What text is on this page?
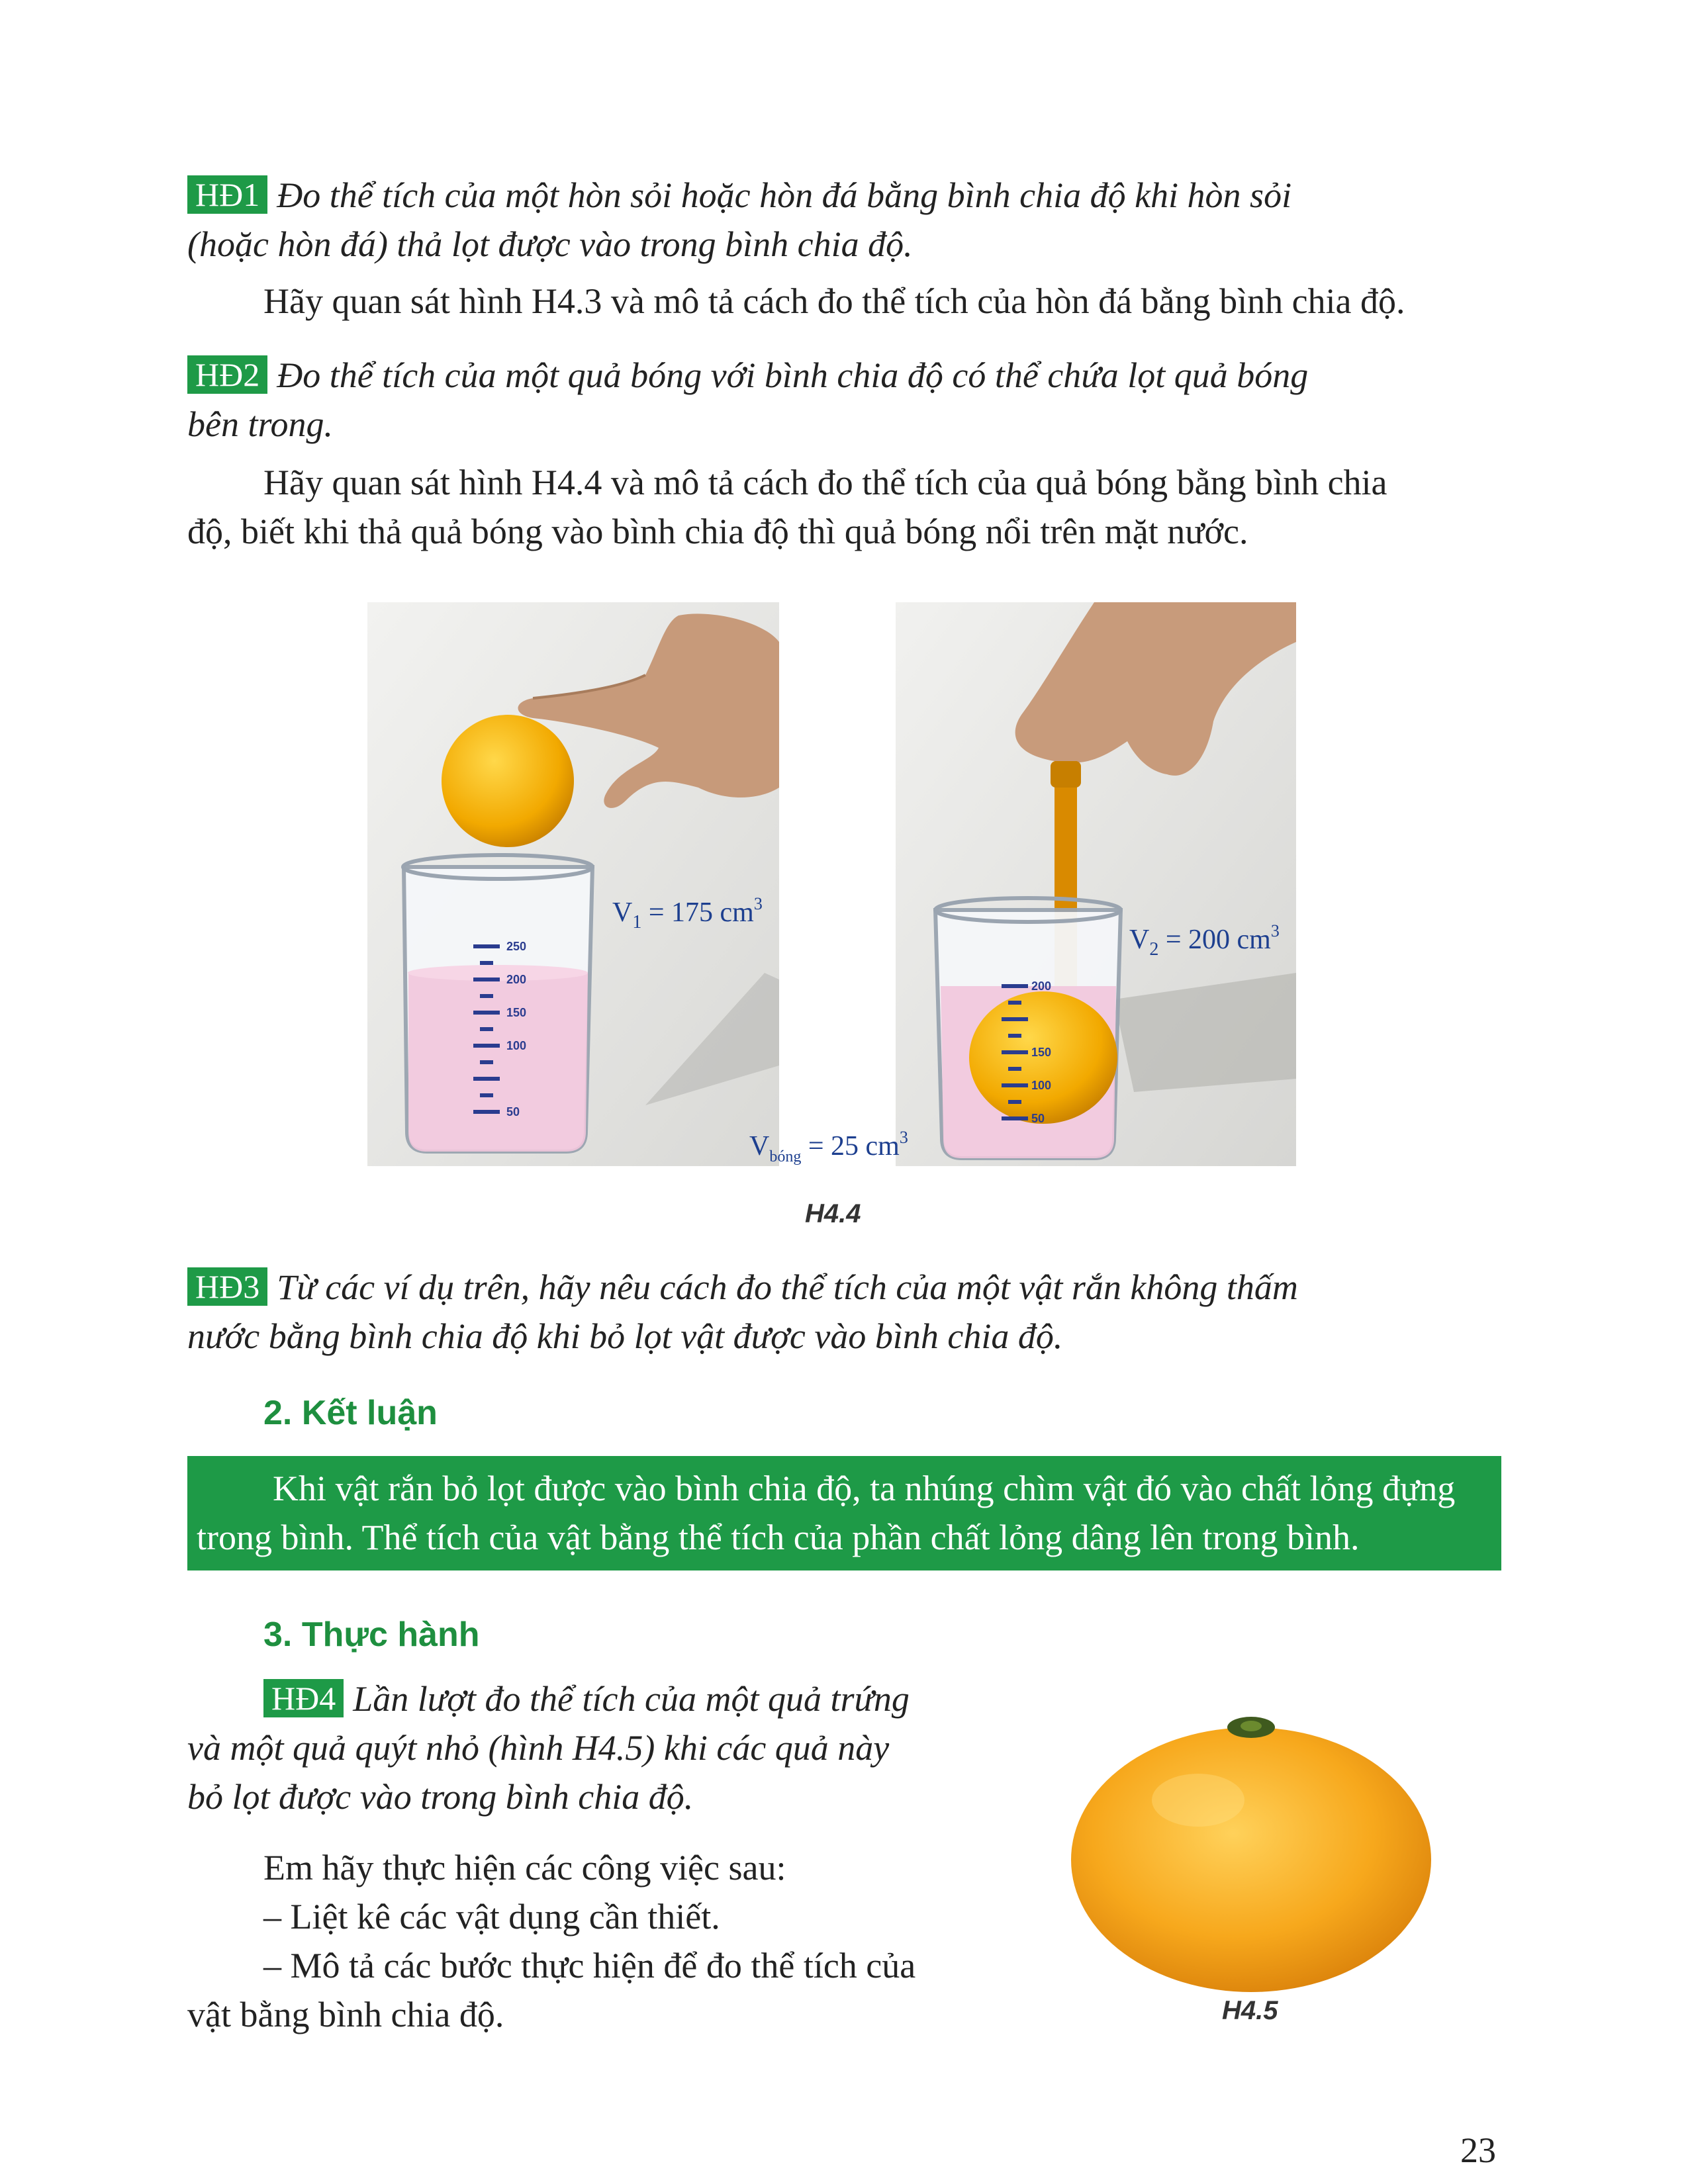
HĐ1 Đo thể tích của một hòn sỏi hoặc hòn đá bằng bình chia độ khi hòn sỏi
(hoặc hòn đá) thả lọt được vào trong bình chia độ.
Hãy quan sát hình H4.3 và mô tả cách đo thể tích của hòn đá bằng bình chia độ.
HĐ2 Đo thể tích của một quả bóng với bình chia độ có thể chứa lọt quả bóng
bên trong.
Hãy quan sát hình H4.4 và mô tả cách đo thể tích của quả bóng bằng bình chia
độ, biết khi thả quả bóng vào bình chia độ thì quả bóng nổi trên mặt nước.
250
200
150
100
50
200
150
100
50
$V_1 = 175$ $cm^3$
$V_2 = 200$ $cm^3$
$V_{bóng} = 25$ $cm^3$
H4.4
HĐ3 Từ các ví dụ trên, hãy nêu cách đo thể tích của một vật rắn không thấm
nước bằng bình chia độ khi bỏ lọt vật được vào bình chia độ.
2. Kết luận
Khi vật rắn bỏ lọt được vào bình chia độ, ta nhúng chìm vật đó vào chất lỏng đựng
trong bình. Thể tích của vật bằng thể tích của phần chất lỏng dâng lên trong bình.
3. Thực hành
HĐ4 Lần lượt đo thể tích của một quả trứng
và một quả quýt nhỏ (hình H4.5) khi các quả này
bỏ lọt được vào trong bình chia độ.
Em hãy thực hiện các công việc sau:
– Liệt kê các vật dụng cần thiết.
– Mô tả các bước thực hiện để đo thể tích của
vật bằng bình chia độ.	H4.5
23
